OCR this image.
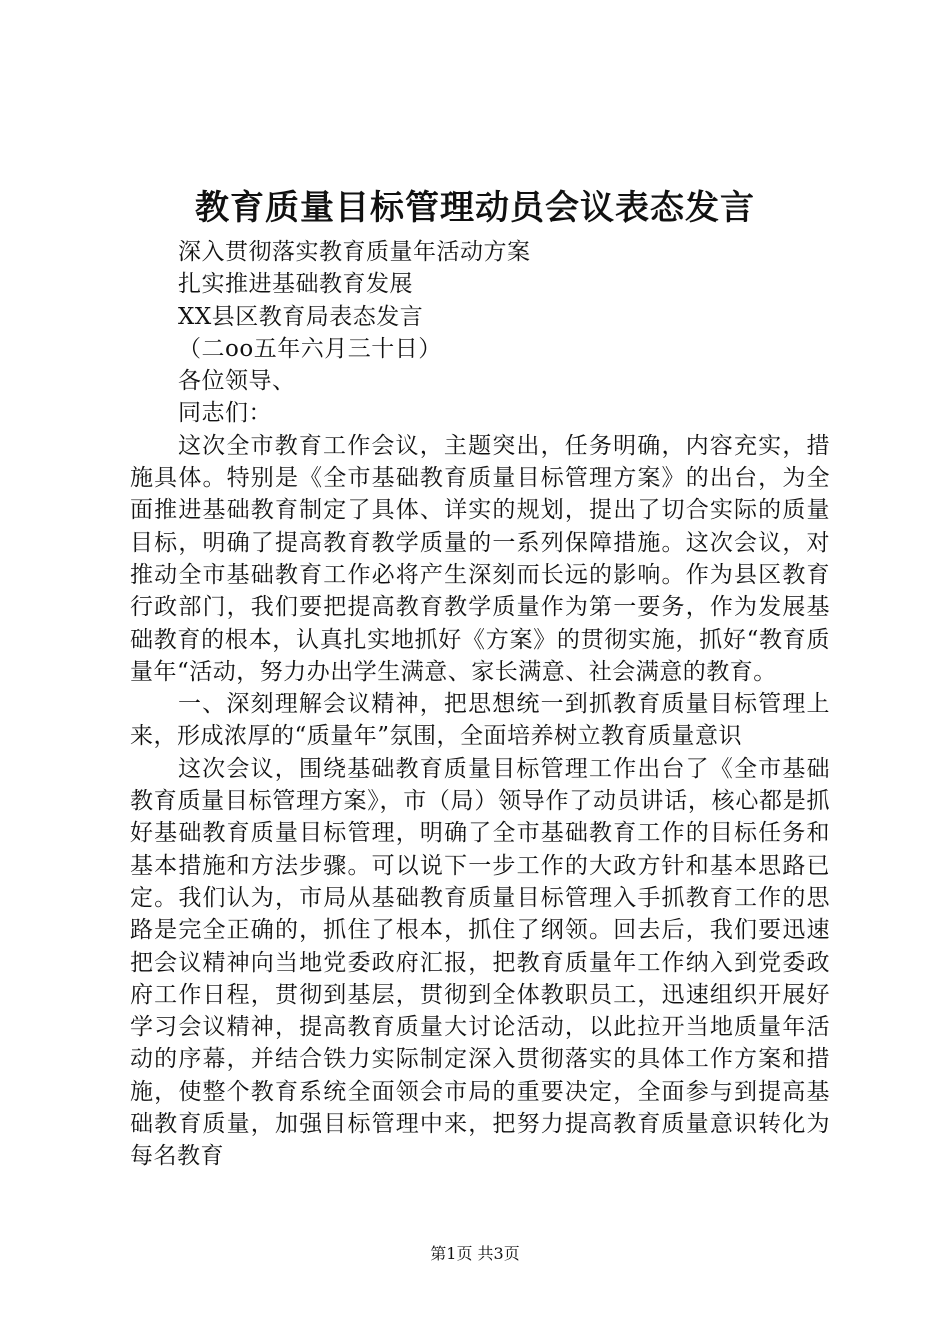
教育质量目标管理动员会议表态发言
深入贯彻落实教育质量年活动方案
扎实推进基础教育发展
XX县区教育局表态发言
（二oo五年六月三十日）
各位领导、
同志们：

这次全市教育工作会议，主题突出，任务明确，内容充实，措施具体。特别是《全市基础教育质量目标管理方案》的出台，为全面推进基础教育制定了具体、详实的规划，提出了切合实际的质量目标，明确了提高教育教学质量的一系列保障措施。这次会议，对推动全市基础教育工作必将产生深刻而长远的影响。作为县区教育行政部门，我们要把提高教育教学质量作为第一要务，作为发展基础教育的根本，认真扎实地抓好《方案》的贯彻实施，抓好“教育质量年“活动，努力办出学生满意、家长满意、社会满意的教育。

一、深刻理解会议精神，把思想统一到抓教育质量目标管理上来，形成浓厚的“质量年”氛围，全面培养树立教育质量意识

这次会议，围绕基础教育质量目标管理工作出台了《全市基础教育质量目标管理方案》，市（局）领导作了动员讲话，核心都是抓好基础教育质量目标管理，明确了全市基础教育工作的目标任务和基本措施和方法步骤。可以说下一步工作的大政方针和基本思路已定。我们认为，市局从基础教育质量目标管理入手抓教育工作的思路是完全正确的，抓住了根本，抓住了纲领。回去后，我们要迅速把会议精神向当地党委政府汇报，把教育质量年工作纳入到党委政府工作日程，贯彻到基层，贯彻到全体教职员工，迅速组织开展好学习会议精神，提高教育质量大讨论活动，以此拉开当地质量年活动的序幕，并结合铁力实际制定深入贯彻落实的具体工作方案和措施，使整个教育系统全面领会市局的重要决定，全面参与到提高基础教育质量，加强目标管理中来，把努力提高教育质量意识转化为每名教育

第1页 共3页
